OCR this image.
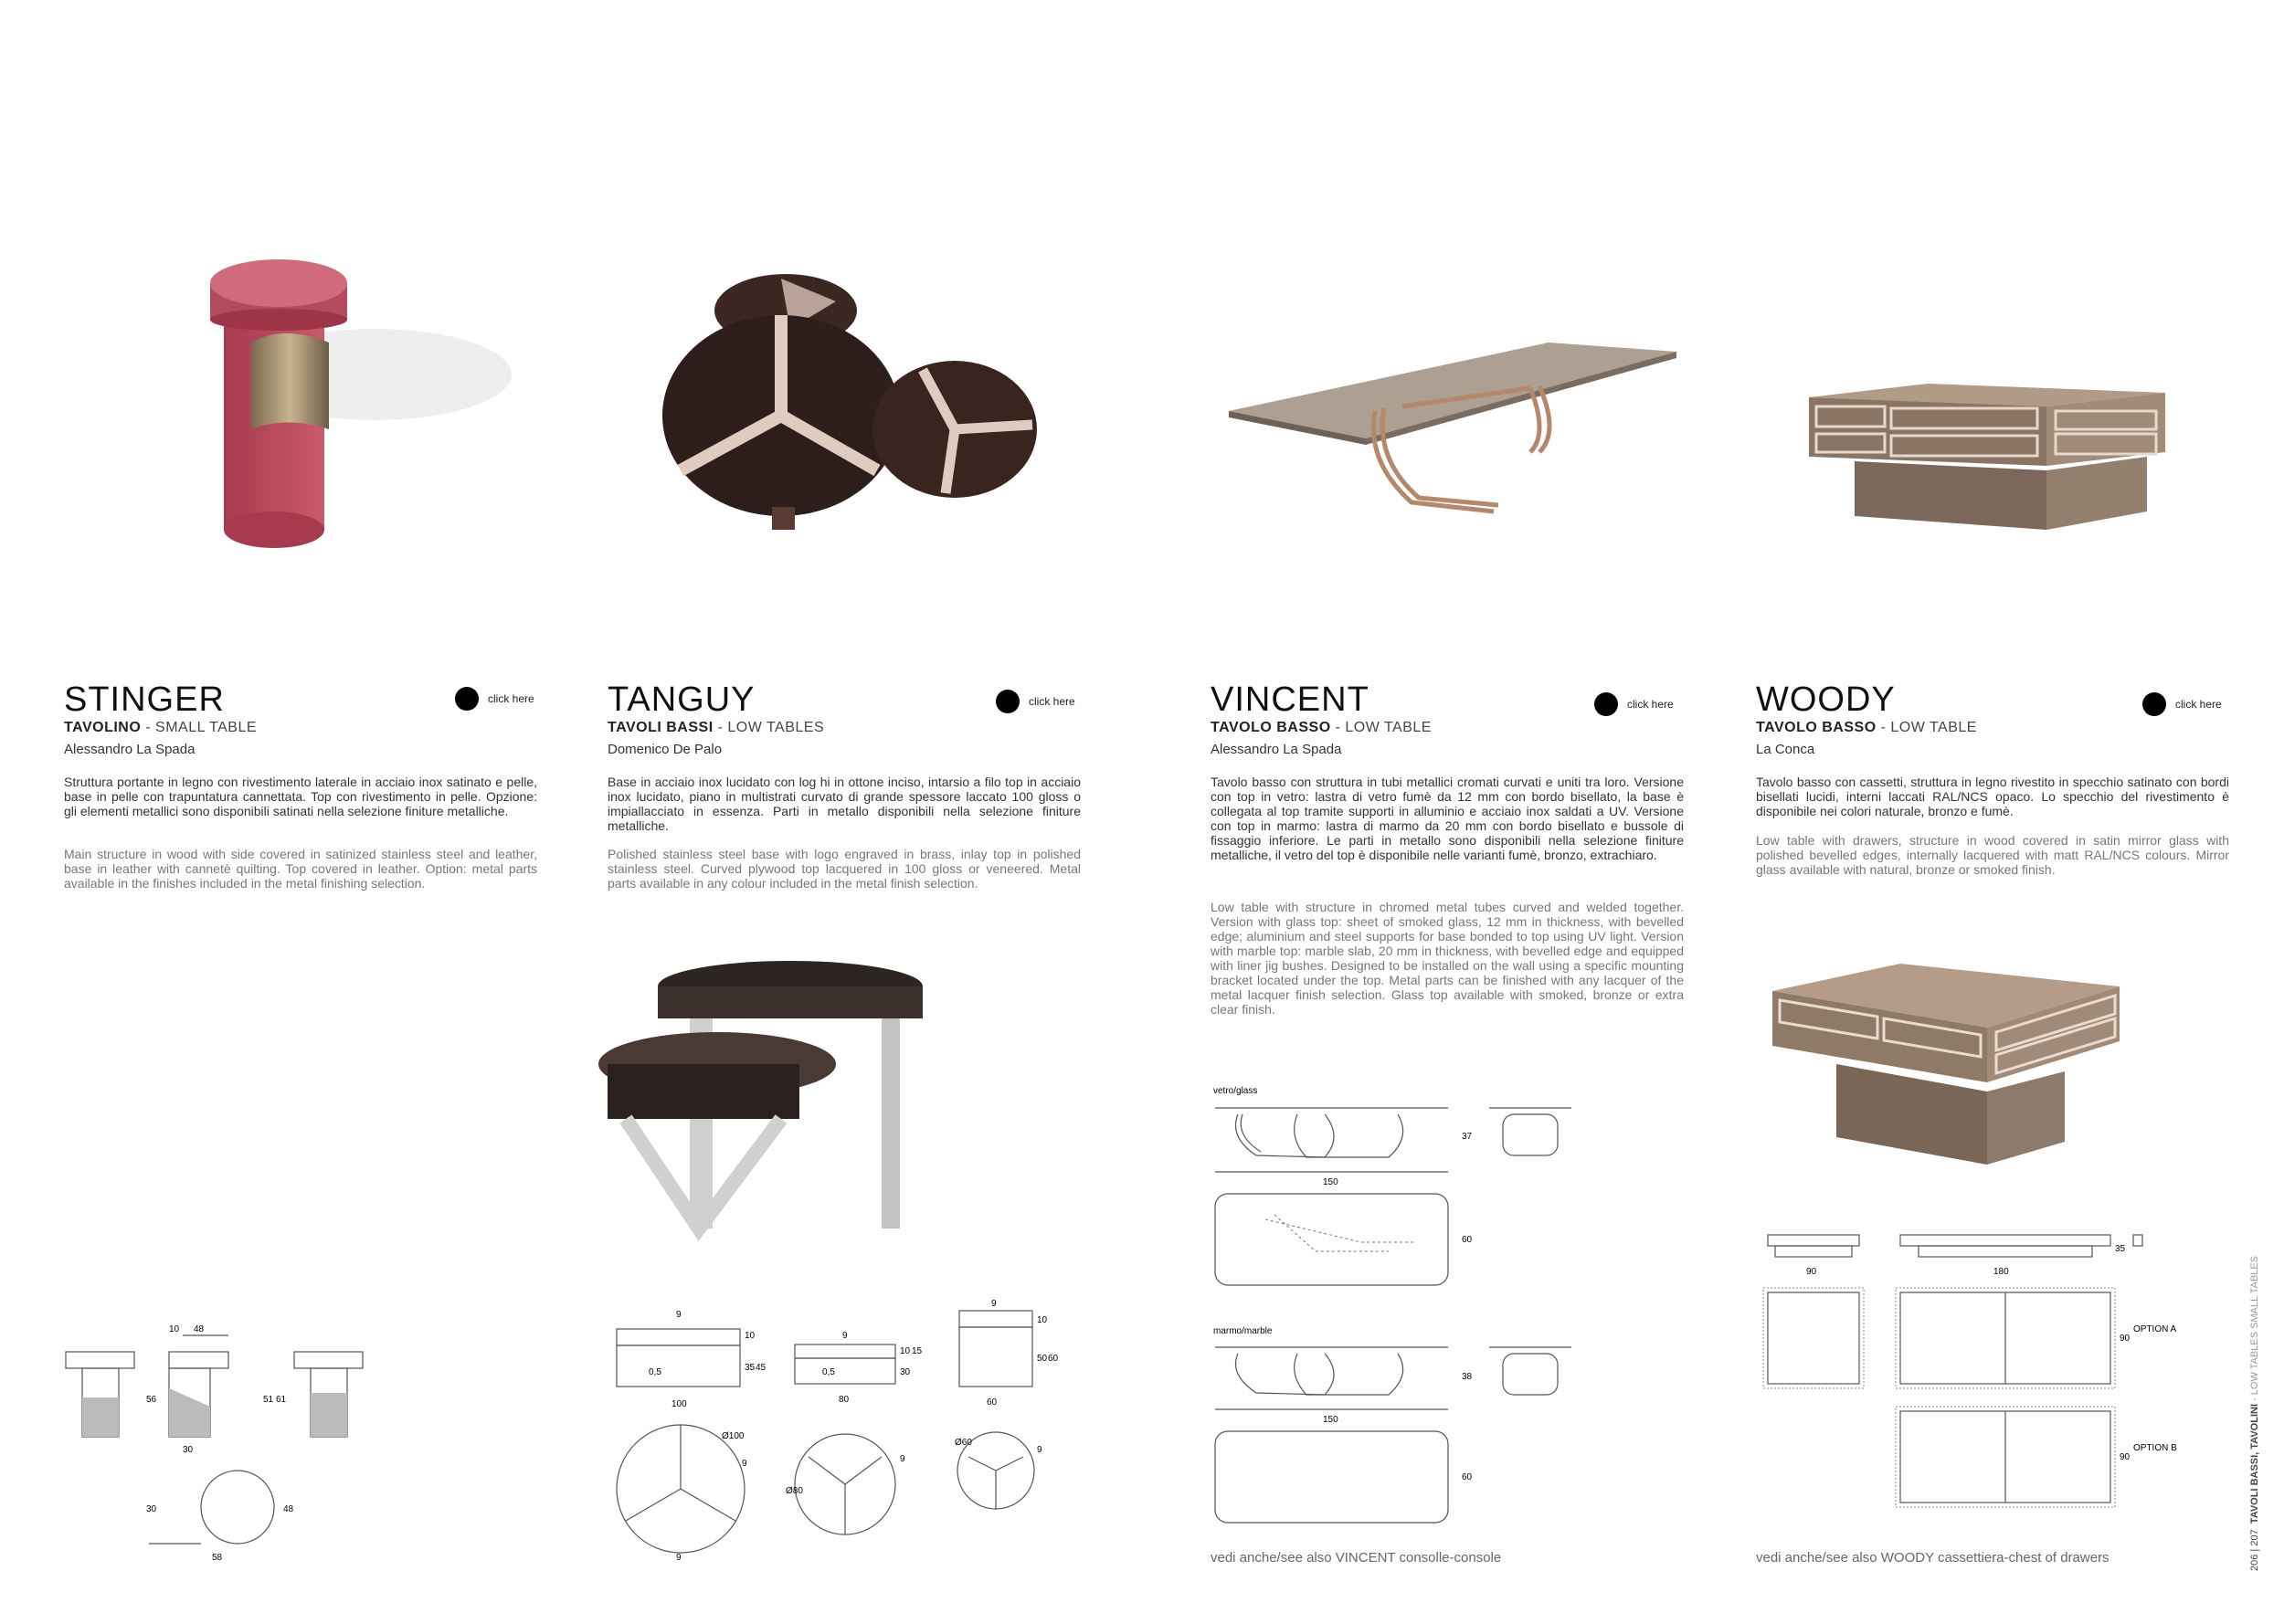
STINGER
TAVOLINO - SMALL TABLE
Alessandro La Spada
Struttura portante in legno con rivestimento laterale in acciaio inox satinato e pelle, base in pelle con trapuntatura cannettata. Top con rivestimento in pelle. Opzione: gli elementi metallici sono disponibili satinati nella selezione finiture metalliche.
Main structure in wood with side covered in satinized stainless steel and leather, base in leather with cannetè quilting. Top covered in leather. Option: metal parts available in the finishes included in the metal finishing selection.
click here
10 48
56	51 61
30
30	48
58
TANGUY
TAVOLI BASSI - LOW TABLES
Domenico De Palo
Base in acciaio inox lucidato con log hi in ottone inciso, intarsio a filo top in acciaio inox lucidato, piano in multistrati curvato di grande spessore laccato 100 gloss o impiallacciato in essenza. Parti in metallo disponibili nella selezione finiture metalliche.
Polished stainless steel base with logo engraved in brass, inlay top in polished stainless steel. Curved plywood top lacquered in 100 gloss or veneered. Metal parts available in any colour included in the metal finish selection.
click here
9
10
35 45
0,5
100
9
10 15
30
0,5
80
9
10
50 60
60
Ø100
9
Ø80
9
Ø60
9
9
VINCENT
TAVOLO BASSO - LOW TABLE
Alessandro La Spada
Tavolo basso con struttura in tubi metallici cromati curvati e uniti tra loro. Versione con top in vetro: lastra di vetro fumè da 12 mm con bordo bisellato, la base è collegata al top tramite supporti in alluminio e acciaio inox saldati a UV. Versione con top in marmo: lastra di marmo da 20 mm con bordo bisellato e bussole di fissaggio inferiore. Le parti in metallo sono disponibili nella selezione finiture metalliche, il vetro del top è disponibile nelle varianti fumè, bronzo, extrachiaro.
Low table with structure in chromed metal tubes curved and welded together. Version with glass top: sheet of smoked glass, 12 mm in thickness, with bevelled edge; aluminium and steel supports for base bonded to top using UV light. Version with marble top: marble slab, 20 mm in thickness, with bevelled edge and equipped with liner jig bushes. Designed to be installed on the wall using a specific mounting bracket located under the top. Metal parts can be finished with any lacquer of the metal lacquer finish selection. Glass top available with smoked, bronze or extra clear finish.
click here
vetro/glass
37
150
60
marmo/marble
38
150
60
vedi anche/see also VINCENT consolle-console
WOODY
TAVOLO BASSO - LOW TABLE
La Conca
Tavolo basso con cassetti, struttura in legno rivestito in specchio satinato con bordi bisellati lucidi, interni laccati RAL/NCS opaco. Lo specchio del rivestimento è disponibile nei colori naturale, bronzo e fumè.
Low table with drawers, structure in wood covered in satin mirror glass with polished bevelled edges, internally lacquered with matt RAL/NCS colours. Mirror glass available with natural, bronze or smoked finish.
click here
90	180
35
90
90
OPTION A
OPTION B
vedi anche/see also WOODY cassettiera-chest of drawers	206 | 207  TAVOLI BASSI, TAVOLINI - LOW TABLES SMALL TABLES
